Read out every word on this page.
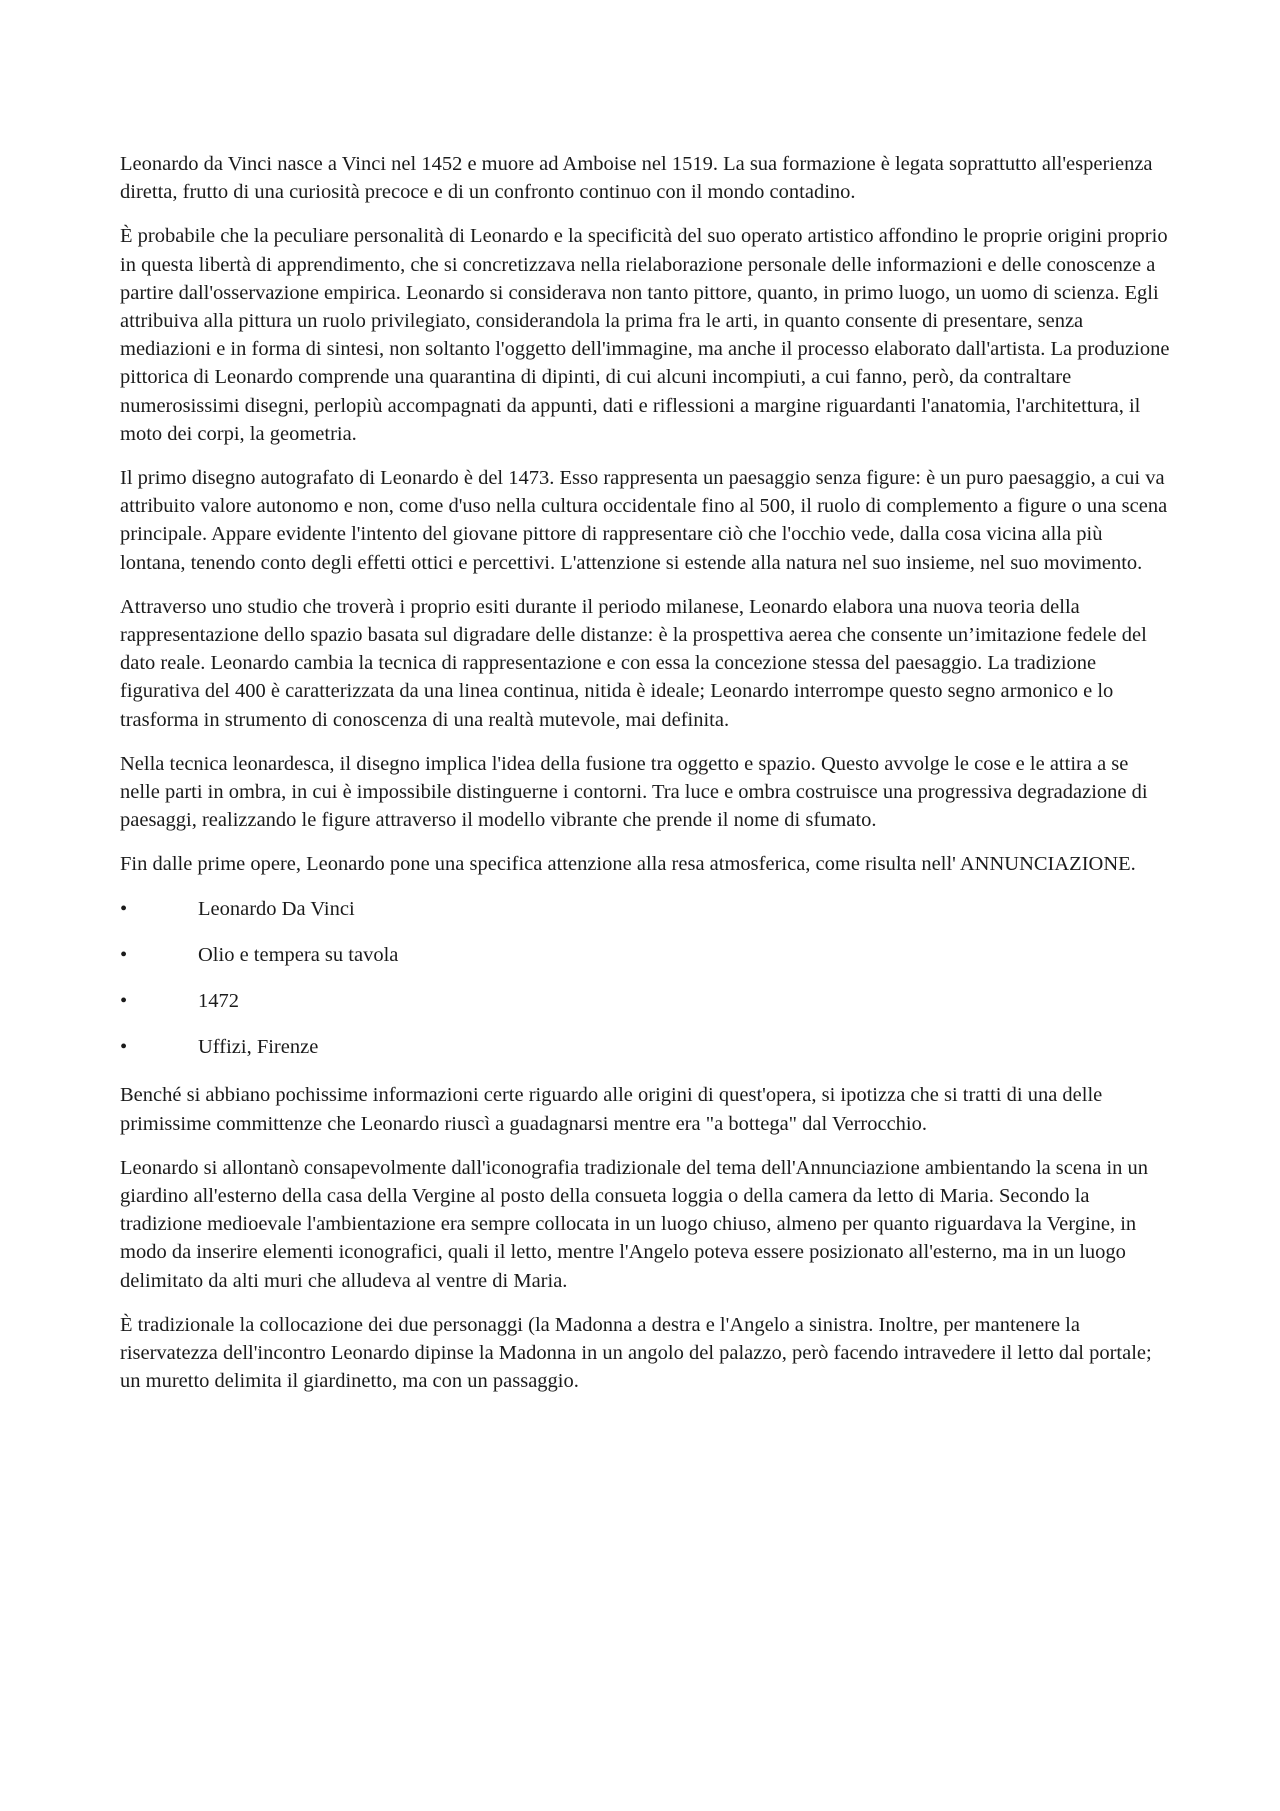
Leonardo da Vinci nasce a Vinci nel 1452 e muore ad Amboise nel 1519. La sua formazione è legata soprattutto all'esperienza diretta, frutto di una curiosità precoce e di un confronto continuo con il mondo contadino.

È probabile che la peculiare personalità di Leonardo e la specificità del suo operato artistico affondino le proprie origini proprio in questa libertà di apprendimento, che si concretizzava nella rielaborazione personale delle informazioni e delle conoscenze a partire dall'osservazione empirica. Leonardo si considerava non tanto pittore, quanto, in primo luogo, un uomo di scienza. Egli attribuiva alla pittura un ruolo privilegiato, considerandola la prima fra le arti, in quanto consente di presentare, senza mediazioni e in forma di sintesi, non soltanto l'oggetto dell'immagine, ma anche il processo elaborato dall'artista. La produzione pittorica di Leonardo comprende una quarantina di dipinti, di cui alcuni incompiuti, a cui fanno, però, da contraltare numerosissimi disegni, perlopiù accompagnati da appunti, dati e riflessioni a margine riguardanti l'anatomia, l'architettura, il moto dei corpi, la geometria.

Il primo disegno autografato di Leonardo è del 1473. Esso rappresenta un paesaggio senza figure: è un puro paesaggio, a cui va attribuito valore autonomo e non, come d'uso nella cultura occidentale fino al 500, il ruolo di complemento a figure o una scena principale. Appare evidente l'intento del giovane pittore di rappresentare ciò che l'occhio vede, dalla cosa vicina alla più lontana, tenendo conto degli effetti ottici e percettivi. L'attenzione si estende alla natura nel suo insieme, nel suo movimento.

Attraverso uno studio che troverà i proprio esiti durante il periodo milanese, Leonardo elabora una nuova teoria della rappresentazione dello spazio basata sul digradare delle distanze: è la prospettiva aerea che consente un’imitazione fedele del dato reale. Leonardo cambia la tecnica di rappresentazione e con essa la concezione stessa del paesaggio. La tradizione figurativa del 400 è caratterizzata da una linea continua, nitida è ideale; Leonardo interrompe questo segno armonico e lo trasforma in strumento di conoscenza di una realtà mutevole, mai definita.

Nella tecnica leonardesca, il disegno implica l'idea della fusione tra oggetto e spazio. Questo avvolge le cose e le attira a se nelle parti in ombra, in cui è impossibile distinguerne i contorni. Tra luce e ombra costruisce una progressiva degradazione di paesaggi, realizzando le figure attraverso il modello vibrante che prende il nome di sfumato.

Fin dalle prime opere, Leonardo pone una specifica attenzione alla resa atmosferica, come risulta nell' ANNUNCIAZIONE.

•	Leonardo Da Vinci
•	Olio e tempera su tavola
•	1472
•	Uffizi, Firenze

Benché si abbiano pochissime informazioni certe riguardo alle origini di quest'opera, si ipotizza che si tratti di una delle primissime committenze che Leonardo riuscì a guadagnarsi mentre era "a bottega" dal Verrocchio.

Leonardo si allontanò consapevolmente dall'iconografia tradizionale del tema dell'Annunciazione ambientando la scena in un giardino all'esterno della casa della Vergine al posto della consueta loggia o della camera da letto di Maria. Secondo la tradizione medioevale l'ambientazione era sempre collocata in un luogo chiuso, almeno per quanto riguardava la Vergine, in modo da inserire elementi iconografici, quali il letto, mentre l'Angelo poteva essere posizionato all'esterno, ma in un luogo delimitato da alti muri che alludeva al ventre di Maria.

È tradizionale la collocazione dei due personaggi (la Madonna a destra e l'Angelo a sinistra. Inoltre, per mantenere la riservatezza dell'incontro Leonardo dipinse la Madonna in un angolo del palazzo, però facendo intravedere il letto dal portale; un muretto delimita il giardinetto, ma con un passaggio.
